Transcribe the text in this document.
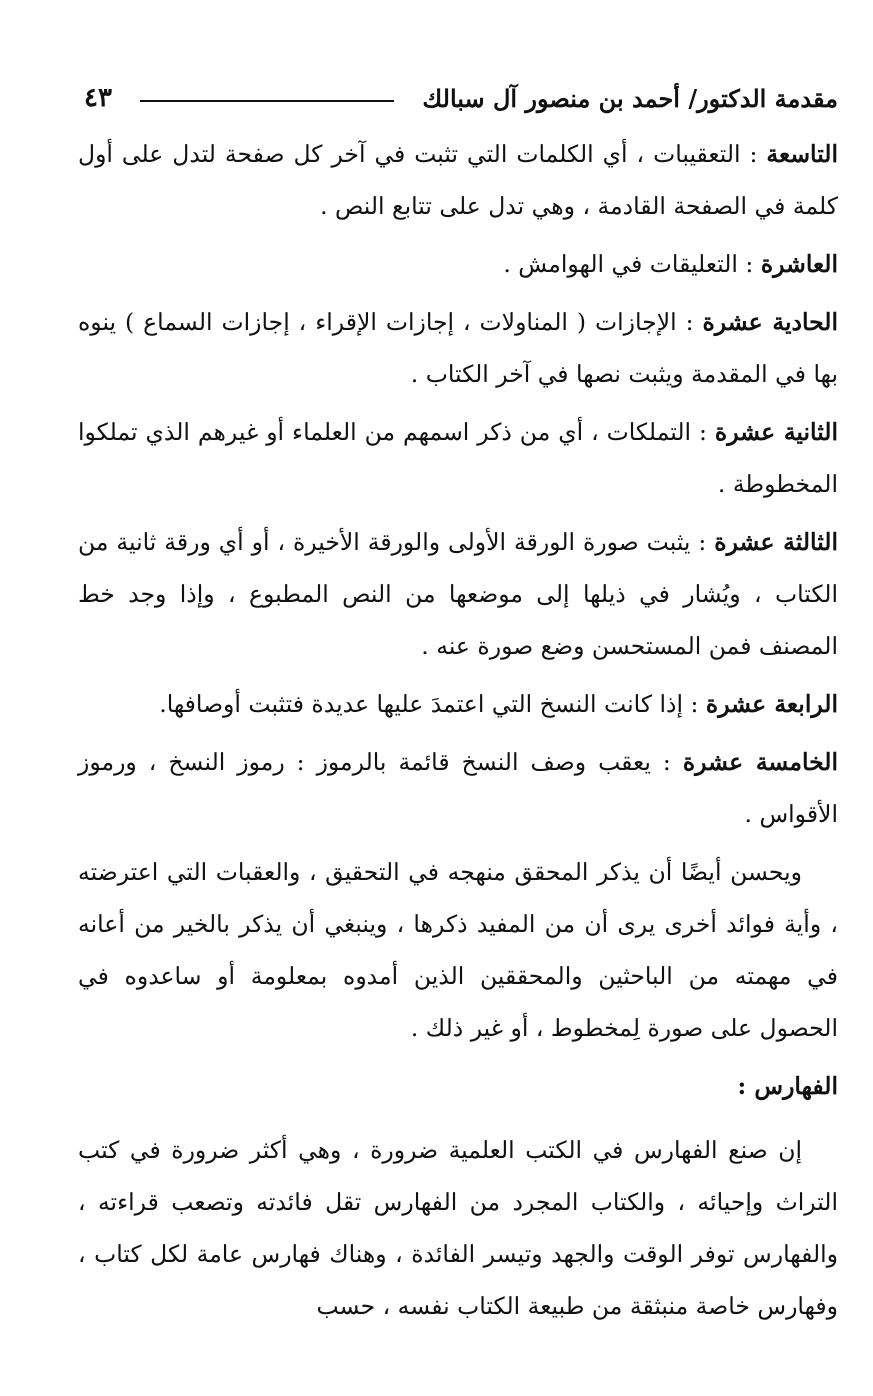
مقدمة الدكتور/ أحمد بن منصور آل سبالك
٤٣

التاسعة : التعقيبات ، أي الكلمات التي تثبت في آخر كل صفحة لتدل على أول كلمة في الصفحة القادمة ، وهي تدل على تتابع النص .

العاشرة : التعليقات في الهوامش .

الحادية عشرة : الإجازات ( المناولات ، إجازات الإقراء ، إجازات السماع ) ينوه بها في المقدمة ويثبت نصها في آخر الكتاب .

الثانية عشرة : التملكات ، أي من ذكر اسمهم من العلماء أو غيرهم الذي تملكوا المخطوطة .

الثالثة عشرة : يثبت صورة الورقة الأولى والورقة الأخيرة ، أو أي ورقة ثانية من الكتاب ، ويُشار في ذيلها إلى موضعها من النص المطبوع ، وإذا وجد خط المصنف فمن المستحسن وضع صورة عنه .

الرابعة عشرة : إذا كانت النسخ التي اعتمدَ عليها عديدة فتثبت أوصافها.

الخامسة عشرة : يعقب وصف النسخ قائمة بالرموز : رموز النسخ ، ورموز الأقواس .

ويحسن أيضًا أن يذكر المحقق منهجه في التحقيق ، والعقبات التي اعترضته ، وأية فوائد أخرى يرى أن من المفيد ذكرها ، وينبغي أن يذكر بالخير من أعانه في مهمته من الباحثين والمحققين الذين أمدوه بمعلومة أو ساعدوه في الحصول على صورة لِمخطوط ، أو غير ذلك .

الفهارس :

إن صنع الفهارس في الكتب العلمية ضرورة ، وهي أكثر ضرورة في كتب التراث وإحيائه ، والكتاب المجرد من الفهارس تقل فائدته وتصعب قراءته ، والفهارس توفر الوقت والجهد وتيسر الفائدة ، وهناك فهارس عامة لكل كتاب ، وفهارس خاصة منبثقة من طبيعة الكتاب نفسه ، حسب
